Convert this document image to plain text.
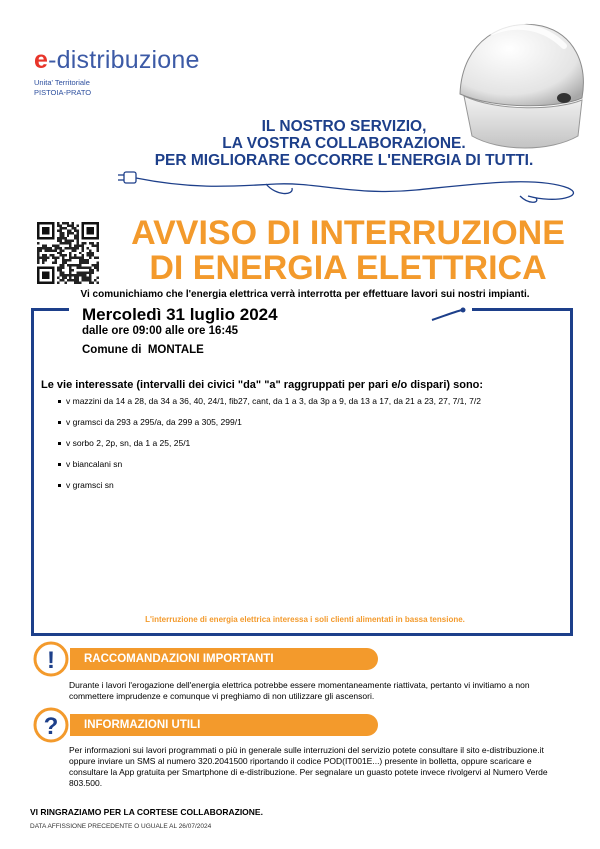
e-distribuzione
Unita' Territoriale
PISTOIA-PRATO
IL NOSTRO SERVIZIO,
LA VOSTRA COLLABORAZIONE.
PER MIGLIORARE OCCORRE L'ENERGIA DI TUTTI.
AVVISO DI INTERRUZIONE
DI ENERGIA ELETTRICA
Vi comunichiamo che l'energia elettrica verrà interrotta per effettuare lavori sui nostri impianti.
Mercoledì 31 luglio 2024
dalle ore 09:00 alle ore 16:45
Comune di MONTALE
Le vie interessate (intervalli dei civici "da" "a" raggruppati per pari e/o dispari) sono:
v mazzini da 14 a 28, da 34 a 36, 40, 24/1, fib27, cant, da 1 a 3, da 3p a 9, da 13 a 17, da 21 a 23, 27, 7/1, 7/2
v gramsci da 293 a 295/a, da 299 a 305, 299/1
v sorbo 2, 2p, sn, da 1 a 25, 25/1
v biancalani sn
v gramsci sn
L'interruzione di energia elettrica interessa i soli clienti alimentati in bassa tensione.
!	RACCOMANDAZIONI IMPORTANTI
Durante i lavori l'erogazione dell'energia elettrica potrebbe essere momentaneamente riattivata, pertanto vi invitiamo a non commettere imprudenze e comunque vi preghiamo di non utilizzare gli ascensori.
?	INFORMAZIONI UTILI
Per informazioni sui lavori programmati o più in generale sulle interruzioni del servizio potete consultare il sito e-distribuzione.it oppure inviare un SMS al numero 320.2041500 riportando il codice POD(IT001E...) presente in bolletta, oppure scaricare e consultare la App gratuita per Smartphone di e-distribuzione. Per segnalare un guasto potete invece rivolgervi al Numero Verde 803.500.
VI RINGRAZIAMO PER LA CORTESE COLLABORAZIONE.
DATA AFFISSIONE PRECEDENTE O UGUALE AL 26/07/2024
